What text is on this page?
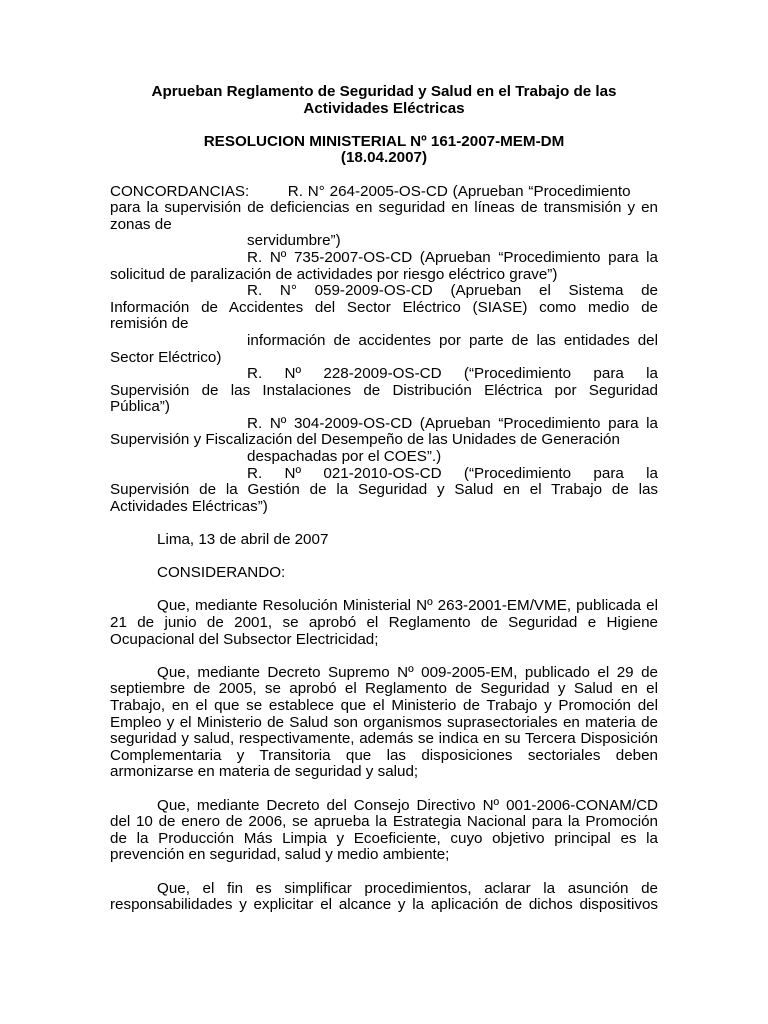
Aprueban Reglamento de Seguridad y Salud en el Trabajo de las
Actividades Eléctricas
RESOLUCION MINISTERIAL Nº 161-2007-MEM-DM
(18.04.2007)

CONCORDANCIAS:        R. N° 264-2005-OS-CD (Aprueban “Procedimiento

para la supervisión de deficiencias en seguridad en líneas de transmisión y en

zonas de

servidumbre”)

R. Nº 735-2007-OS-CD (Aprueban “Procedimiento para la

solicitud de paralización de actividades por riesgo eléctrico grave”)

R. N° 059-2009-OS-CD (Aprueban el Sistema de

Información de Accidentes del Sector Eléctrico (SIASE) como medio de

remisión de

información de accidentes por parte de las entidades del

Sector Eléctrico)

R. Nº 228-2009-OS-CD (“Procedimiento para la

Supervisión de las Instalaciones de Distribución Eléctrica por Seguridad

Pública”)

R. Nº 304-2009-OS-CD (Aprueban “Procedimiento para la

Supervisión y Fiscalización del Desempeño de las Unidades de Generación

despachadas por el COES”.)

R. Nº 021-2010-OS-CD (“Procedimiento para la

Supervisión de la Gestión de la Seguridad y Salud en el Trabajo de las

Actividades Eléctricas”)

Lima, 13 de abril de 2007

CONSIDERANDO:

Que, mediante Resolución Ministerial Nº 263-2001-EM/VME, publicada el 21 de junio de 2001, se aprobó el Reglamento de Seguridad e Higiene Ocupacional del Subsector Electricidad;

Que, mediante Decreto Supremo Nº 009-2005-EM, publicado el 29 de septiembre de 2005, se aprobó el Reglamento de Seguridad y Salud en el Trabajo, en el que se establece que el Ministerio de Trabajo y Promoción del Empleo y el Ministerio de Salud son organismos suprasectoriales en materia de seguridad y salud, respectivamente, además se indica en su Tercera Disposición Complementaria y Transitoria que las disposiciones sectoriales deben armonizarse en materia de seguridad y salud;

Que, mediante Decreto del Consejo Directivo Nº 001-2006-CONAM/CD del 10 de enero de 2006, se aprueba la Estrategia Nacional para la Promoción de la Producción Más Limpia y Ecoeficiente, cuyo objetivo principal es la prevención en seguridad, salud y medio ambiente;

Que, el fin es simplificar procedimientos, aclarar la asunción de responsabilidades y explicitar el alcance y la aplicación de dichos dispositivos
